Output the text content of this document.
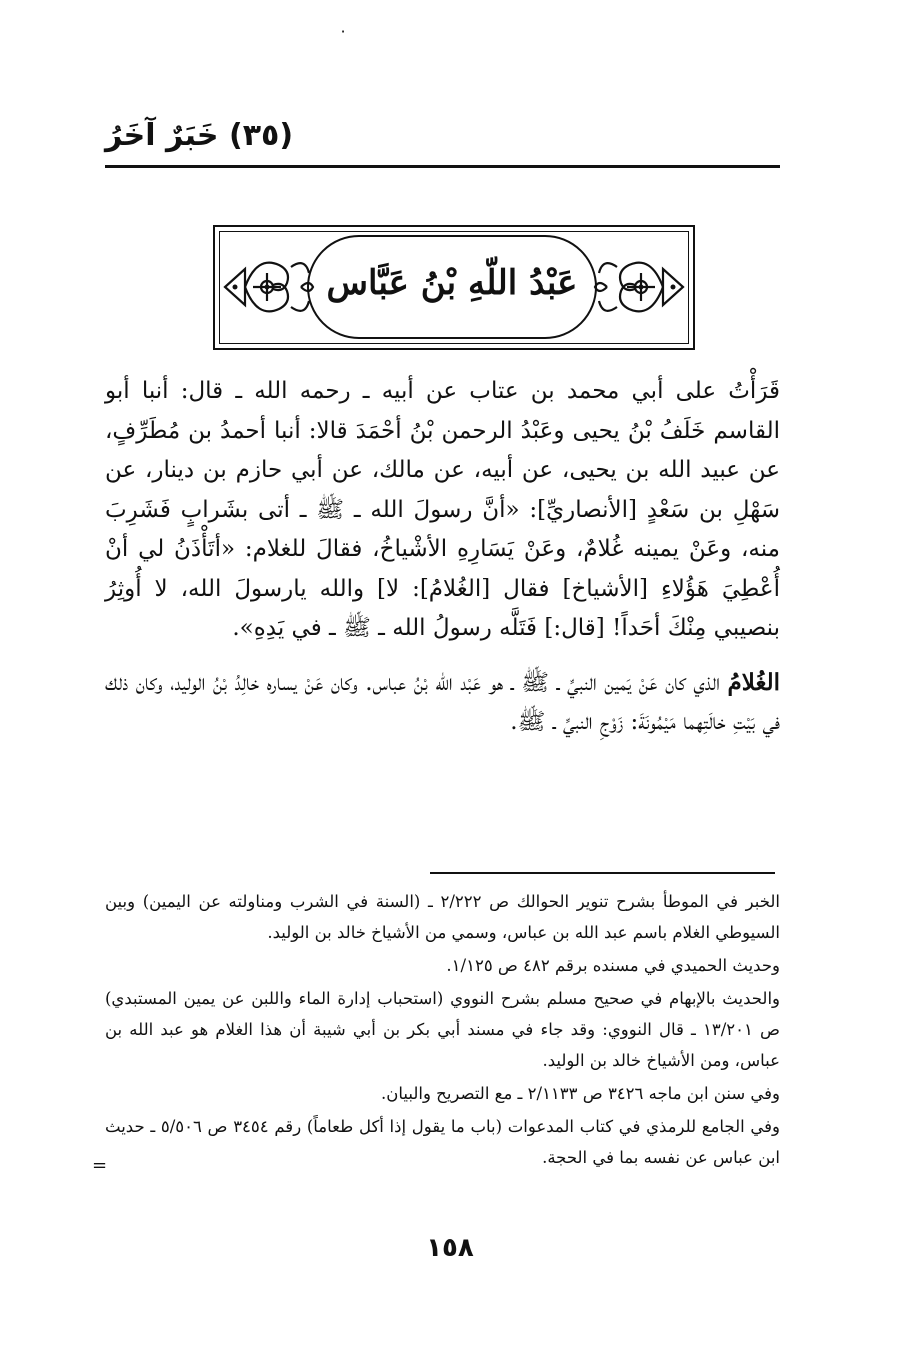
٠
(٣٥) خَبَرٌ آخَرُ
عَبْدُ اللّهِ بْنُ عَبَّاس

قَرَأْتُ على أبي محمد بن عتاب عن أبيه ـ رحمه الله ـ قال: أنبا أبو القاسم خَلَفُ بْنُ يحيى وعَبْدُ الرحمن بْنُ أحْمَدَ قالا: أنبا أحمدُ بن مُطَرِّفٍ، عن عبيد الله بن يحيى، عن أبيه، عن مالك، عن أبي حازم بن دينار، عن سَهْلِ بن سَعْدٍ [الأنصاريِّ]: «أنَّ رسولَ الله ـ ﷺ ـ أتى بشَرابٍ فَشَرِبَ منه، وعَنْ يمينه غُلامٌ، وعَنْ يَسَارِهِ الأشْياخُ، فقالَ للغلام: «أتَأْذَنُ لي أنْ أُعْطِيَ هَؤُلاءِ [الأشياخ] فقال [الغُلامُ]: لا] والله يارسولَ الله، لا أُوثِرُ بنصيبي مِنْكَ أحَداً! [قال:] فَتَلَّه رسولُ الله ـ ﷺ ـ في يَدِهِ».

الغُلامُ الذي كان عَنْ يَمين النبيِّ ـ ﷺ ـ هو عَبْد الله بْنُ عباس. وكان عَنْ يساره خالِدُ بْنُ الوليد، وكان ذلك في بَيْتِ خالَتِهما مَيْمُونَةَ: زَوْجِ النبيِّ ـ ﷺ.

الخبر في الموطأ بشرح تنوير الحوالك ص ٢/٢٢٢ ـ (السنة في الشرب ومناولته عن اليمين) وبين السيوطي الغلام باسم عبد الله بن عباس، وسمي من الأشياخ خالد بن الوليد.

وحديث الحميدي في مسنده برقم ٤٨٢ ص ١/١٢٥.

والحديث بالإبهام في صحيح مسلم بشرح النووي (استحباب إدارة الماء واللبن عن يمين المستبدي) ص ١٣/٢٠١ ـ قال النووي: وقد جاء في مسند أبي بكر بن أبي شيبة أن هذا الغلام هو عبد الله بن عباس، ومن الأشياخ خالد بن الوليد.

وفي سنن ابن ماجه ٣٤٢٦ ص ٢/١١٣٣ ـ مع التصريح والبيان.

وفي الجامع للرمذي في كتاب المدعوات (باب ما يقول إذا أكل طعاماً) رقم ٣٤٥٤ ص ٥/٥٠٦ ـ حديث ابن عباس عن نفسه بما في الحجة.

=
١٥٨
